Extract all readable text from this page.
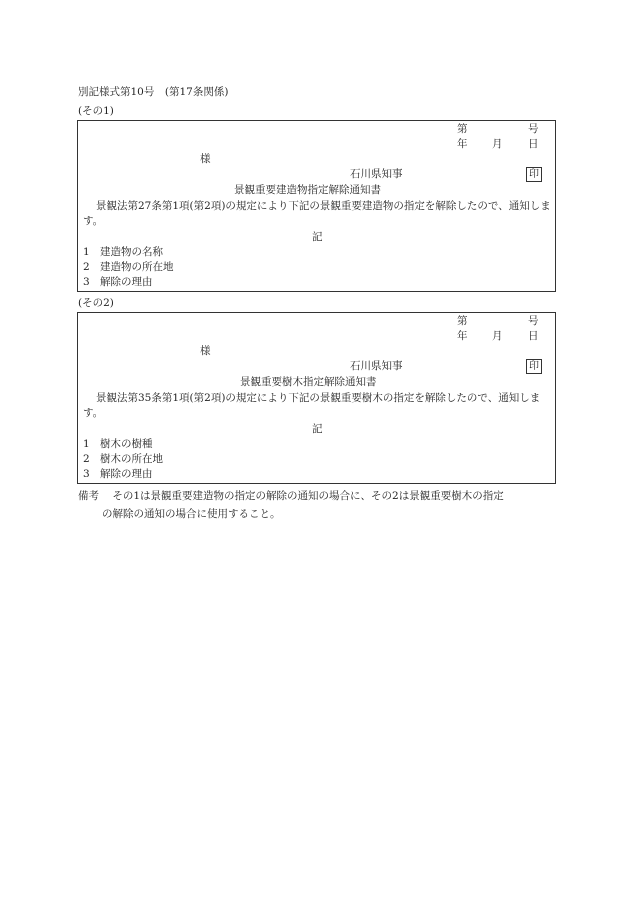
別記様式第10号　(第17条関係)
(その1)
第	号
年 月 日
様
石川県知事	印
景観重要建造物指定解除通知書
景観法第27条第1項(第2項)の規定により下記の景観重要建造物の指定を解除したので、通知します。
記
1 建造物の名称
2 建造物の所在地
3 解除の理由
(その2)
第	号
年 月 日
様
石川県知事	印
景観重要樹木指定解除通知書
景観法第35条第1項(第2項)の規定により下記の景観重要樹木の指定を解除したので、通知します。
記
1 樹木の樹種
2 樹木の所在地
3 解除の理由
備考 その1は景観重要建造物の指定の解除の通知の場合に、その2は景観重要樹木の指定
の解除の通知の場合に使用すること。
